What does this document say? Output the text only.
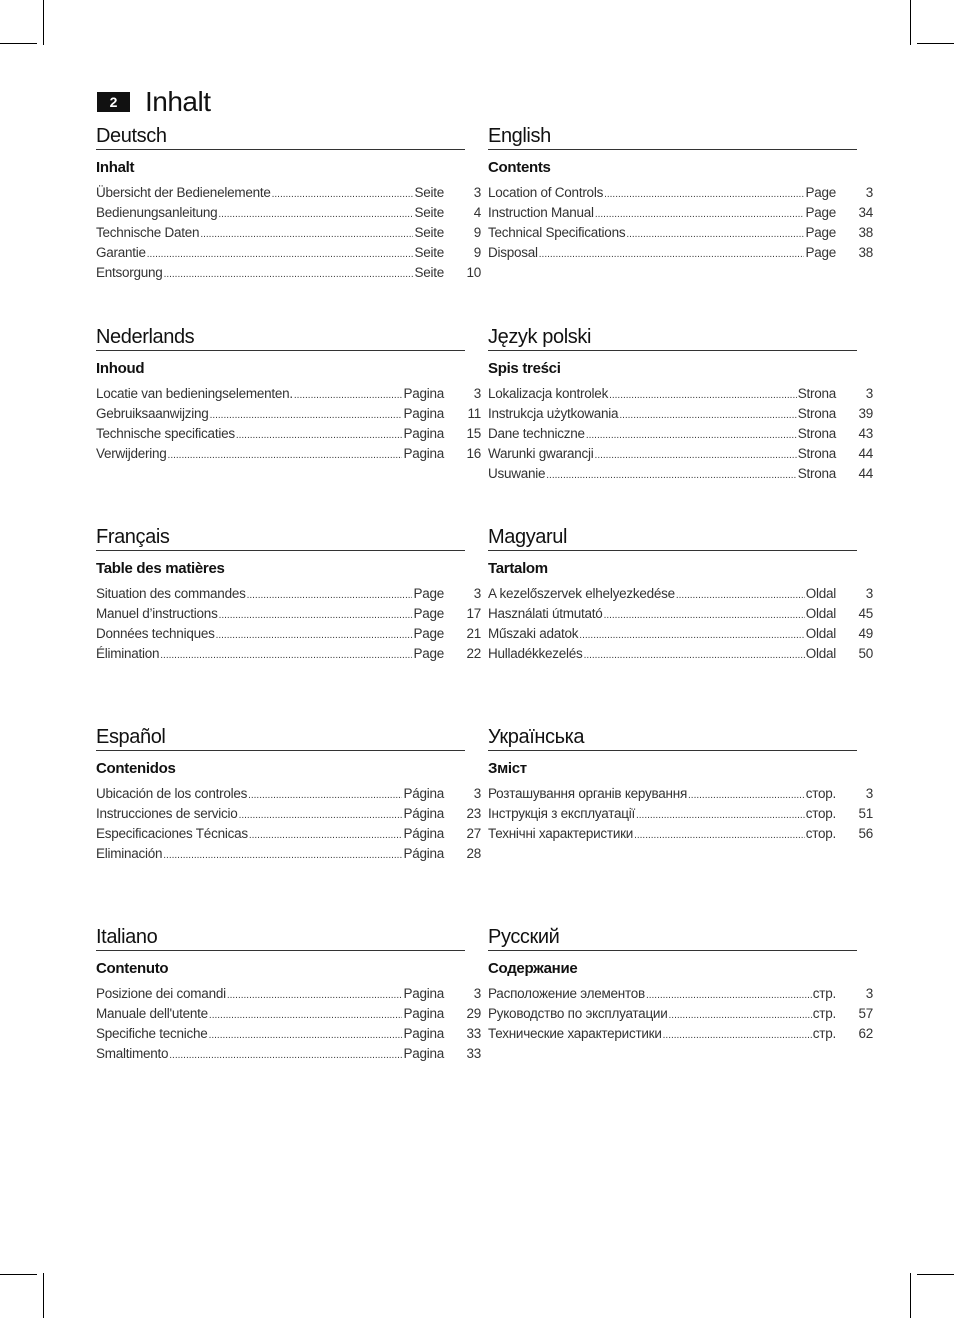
2 Inhalt
Deutsch
Inhalt
Übersicht der Bedienelemente .....	Seite	3
Bedienungsanleitung .....	Seite	4
Technische Daten .....	Seite	9
Garantie .....	Seite	9
Entsorgung .....	Seite	10
English
Contents
Location of Controls .....	Page	3
Instruction Manual .....	Page	34
Technical Specifications .....	Page	38
Disposal .....	Page	38
Nederlands
Inhoud
Locatie van bedieningselementen. .....	Pagina	3
Gebruiksaanwijzing .....	Pagina	11
Technische specificaties .....	Pagina	15
Verwijdering .....	Pagina	16
Język polski
Spis treści
Lokalizacja kontrolek .....	Strona	3
Instrukcja użytkowania .....	Strona	39
Dane techniczne .....	Strona	43
Warunki gwarancji .....	Strona	44
Usuwanie .....	Strona	44
Français
Table des matières
Situation des commandes .....	Page	3
Manuel d’instructions .....	Page	17
Données techniques .....	Page	21
Élimination .....	Page	22
Magyarul
Tartalom
A kezelőszervek elhelyezkedése .....	Oldal	3
Használati útmutató .....	Oldal	45
Műszaki adatok .....	Oldal	49
Hulladékkezelés .....	Oldal	50
Español
Contenidos
Ubicación de los controles .....	Página	3
Instrucciones de servicio .....	Página	23
Especificaciones Técnicas .....	Página	27
Eliminación .....	Página	28
Українська
Зміст
Розташування органів керування .....	стор.	3
Інструкція з експлуатації .....	стор.	51
Технічні характеристики .....	стор.	56
Italiano
Contenuto
Posizione dei comandi .....	Pagina	3
Manuale dell'utente .....	Pagina	29
Specifiche tecniche .....	Pagina	33
Smaltimento .....	Pagina	33
Русский
Содержание
Расположение элементов .....	стр.	3
Руководство по эксплуатации .....	стр.	57
Технические характеристики .....	стр.	62
